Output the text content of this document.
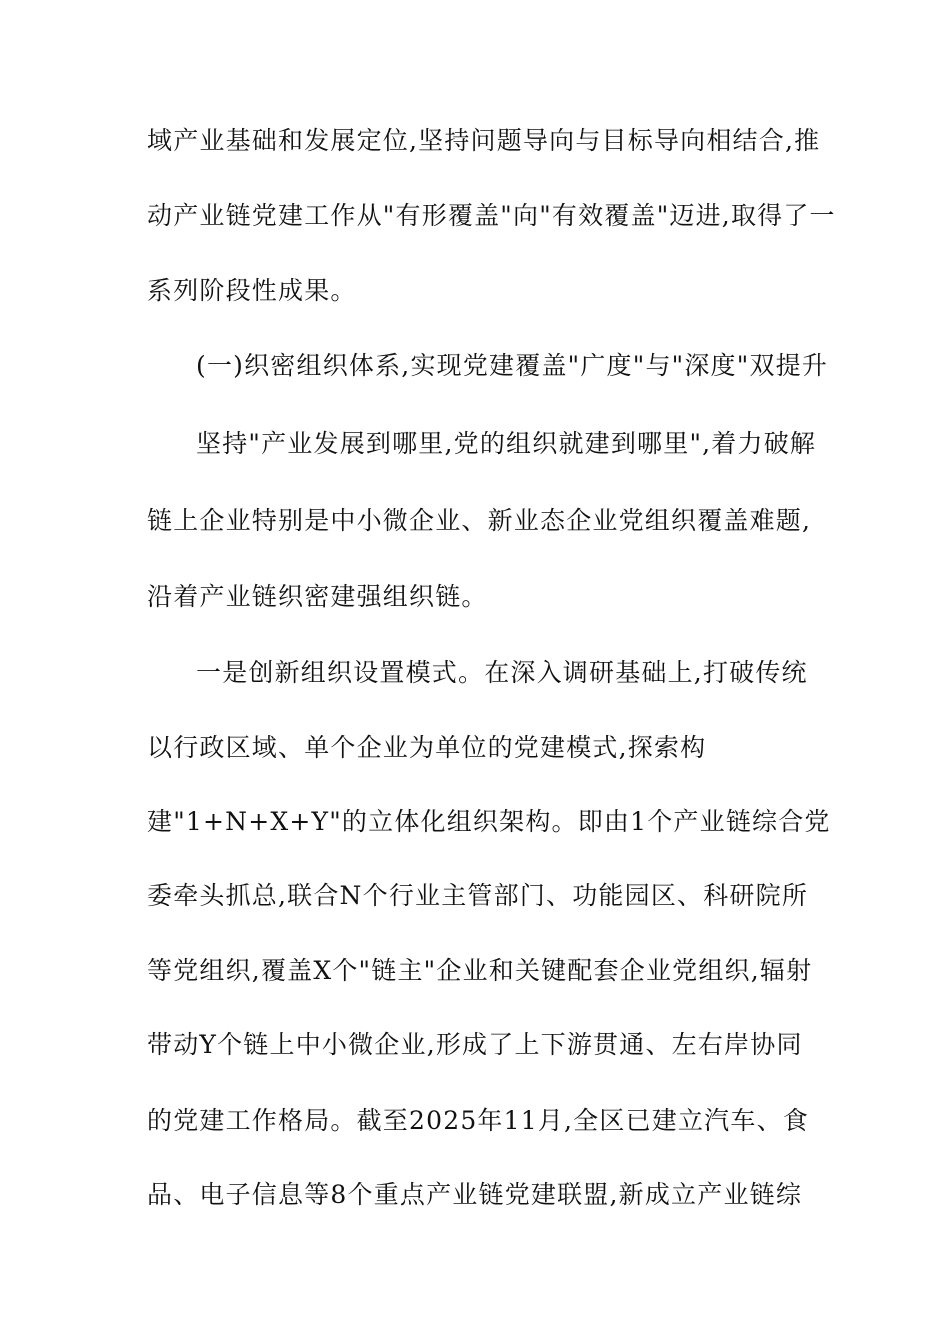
域产业基础和发展定位,坚持问题导向与目标导向相结合,推
动产业链党建工作从"有形覆盖"向"有效覆盖"迈进,取得了一
系列阶段性成果。
(一)织密组织体系,实现党建覆盖"广度"与"深度"双提升
坚持"产业发展到哪里,党的组织就建到哪里",着力破解
链上企业特别是中小微企业、新业态企业党组织覆盖难题,
沿着产业链织密建强组织链。
一是创新组织设置模式。在深入调研基础上,打破传统
以行政区域、单个企业为单位的党建模式,探索构
建"1+N+X+Y"的立体化组织架构。即由1个产业链综合党
委牵头抓总,联合N个行业主管部门、功能园区、科研院所
等党组织,覆盖X个"链主"企业和关键配套企业党组织,辐射
带动Y个链上中小微企业,形成了上下游贯通、左右岸协同
的党建工作格局。截至2025年11月,全区已建立汽车、食
品、电子信息等8个重点产业链党建联盟,新成立产业链综
